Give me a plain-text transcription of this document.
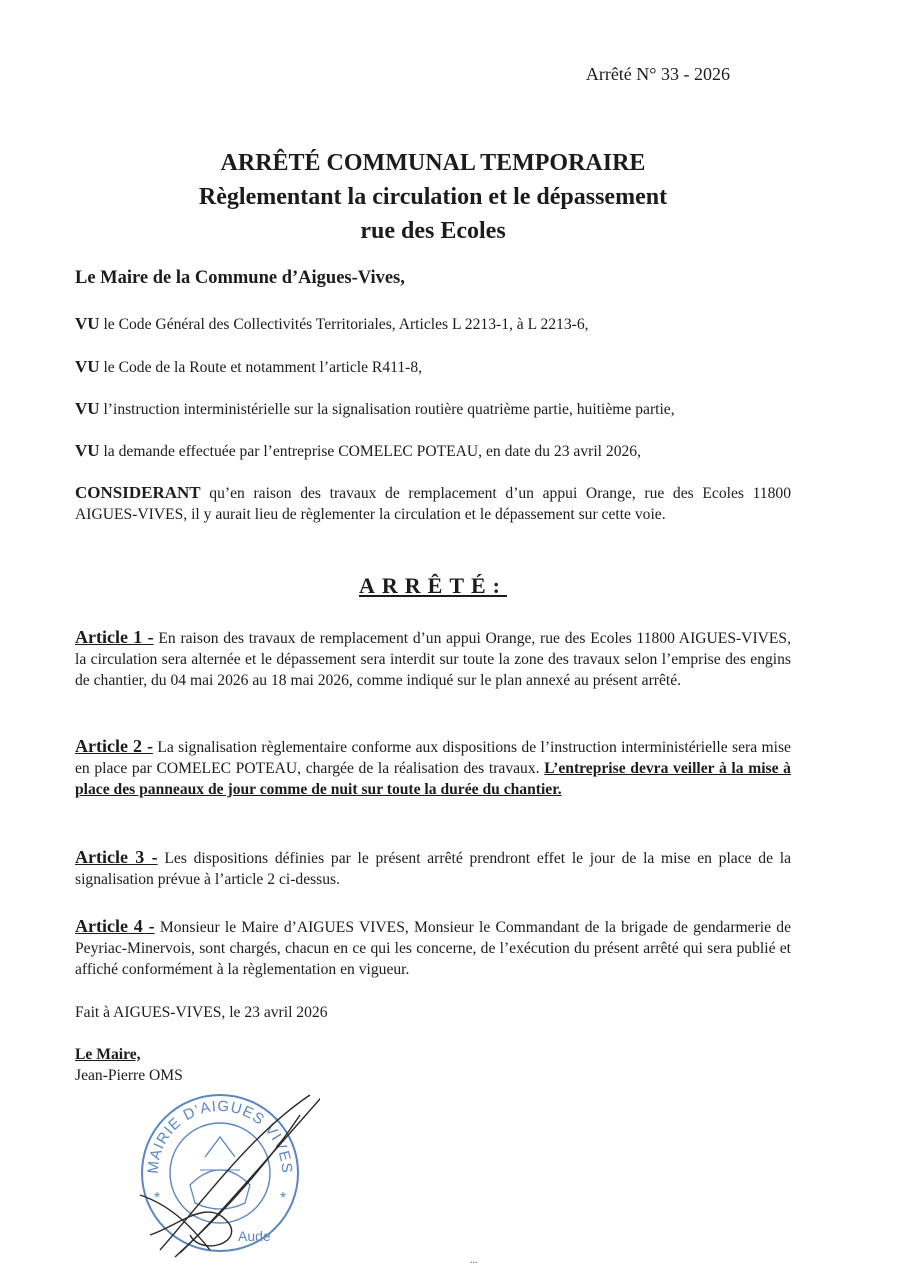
Arrêté N° 33 - 2026
ARRÊTÉ COMMUNAL TEMPORAIRE
Règlementant la circulation et le dépassement
rue des Ecoles
Le Maire de la Commune d’Aigues-Vives,
VU le Code Général des Collectivités Territoriales, Articles L 2213-1, à L 2213-6,
VU le Code de la Route et notamment l’article R411-8,
VU l’instruction interministérielle sur la signalisation routière quatrième partie, huitième partie,
VU la demande effectuée par l’entreprise COMELEC POTEAU, en date du 23 avril 2026,
CONSIDERANT qu’en raison des travaux de remplacement d’un appui Orange, rue des Ecoles 11800 AIGUES-VIVES, il y aurait lieu de règlementer la circulation et le dépassement sur cette voie.
ARRÊTÉ:
Article 1 - En raison des travaux de remplacement d’un appui Orange, rue des Ecoles 11800 AIGUES-VIVES, la circulation sera alternée et le dépassement sera interdit sur toute la zone des travaux selon l’emprise des engins de chantier, du 04 mai 2026 au 18 mai 2026, comme indiqué sur le plan annexé au présent arrêté.
Article 2 - La signalisation règlementaire conforme aux dispositions de l’instruction interministérielle sera mise en place par COMELEC POTEAU, chargée de la réalisation des travaux. L’entreprise devra veiller à la mise à place des panneaux de jour comme de nuit sur toute la durée du chantier.
Article 3 - Les dispositions définies par le présent arrêté prendront effet le jour de la mise en place de la signalisation prévue à l’article 2 ci-dessus.
Article 4 - Monsieur le Maire d’AIGUES VIVES, Monsieur le Commandant de la brigade de gendarmerie de Peyriac-Minervois, sont chargés, chacun en ce qui les concerne, de l’exécution du présent arrêté qui sera publié et affiché conformément à la règlementation en vigueur.
Fait à AIGUES-VIVES, le 23 avril 2026
Le Maire,
Jean-Pierre OMS
MAIRIE D’AIGUES VIVES
Aude
*	*
...
